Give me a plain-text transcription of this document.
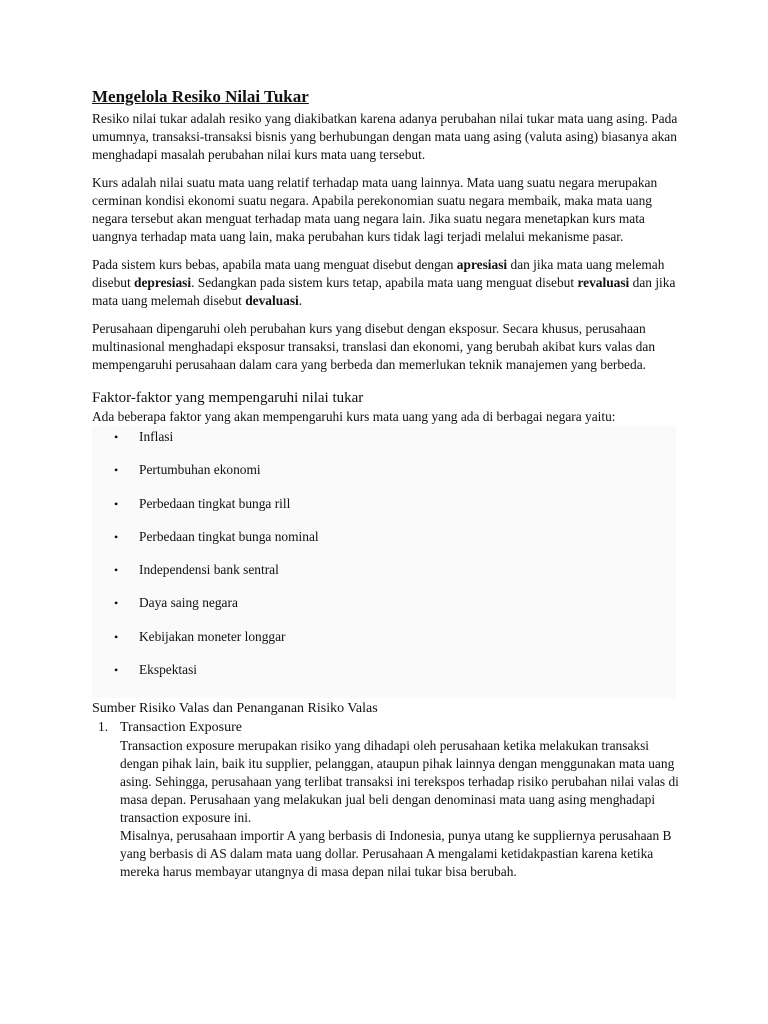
Mengelola Resiko Nilai Tukar

Resiko nilai tukar adalah resiko yang diakibatkan karena adanya perubahan nilai tukar mata uang asing. Pada umumnya, transaksi-transaksi bisnis yang berhubungan dengan mata uang asing (valuta asing) biasanya akan menghadapi masalah perubahan nilai kurs mata uang tersebut.

Kurs adalah nilai suatu mata uang relatif terhadap mata uang lainnya. Mata uang suatu negara merupakan cerminan kondisi ekonomi suatu negara. Apabila perekonomian suatu negara membaik, maka mata uang negara tersebut akan menguat terhadap mata uang negara lain. Jika suatu negara menetapkan kurs mata uangnya terhadap mata uang lain, maka perubahan kurs tidak lagi terjadi melalui mekanisme pasar.

Pada sistem kurs bebas, apabila mata uang menguat disebut dengan apresiasi dan jika mata uang melemah disebut depresiasi. Sedangkan pada sistem kurs tetap, apabila mata uang menguat disebut revaluasi dan jika mata uang melemah disebut devaluasi.

Perusahaan dipengaruhi oleh perubahan kurs yang disebut dengan eksposur. Secara khusus, perusahaan multinasional menghadapi eksposur transaksi, translasi dan ekonomi, yang berubah akibat kurs valas dan mempengaruhi perusahaan dalam cara yang berbeda dan memerlukan teknik manajemen yang berbeda.

Faktor-faktor yang mempengaruhi nilai tukar
Ada beberapa faktor yang akan mempengaruhi kurs mata uang yang ada di berbagai negara yaitu:
• Inflasi
• Pertumbuhan ekonomi
• Perbedaan tingkat bunga rill
• Perbedaan tingkat bunga nominal
• Independensi bank sentral
• Daya saing negara
• Kebijakan moneter longgar
• Ekspektasi
Sumber Risiko Valas dan Penanganan Risiko Valas
1. Transaction Exposure
Transaction exposure merupakan risiko yang dihadapi oleh perusahaan ketika melakukan transaksi dengan pihak lain, baik itu supplier, pelanggan, ataupun pihak lainnya dengan menggunakan mata uang asing. Sehingga, perusahaan yang terlibat transaksi ini terekspos terhadap risiko perubahan nilai valas di masa depan. Perusahaan yang melakukan jual beli dengan denominasi mata uang asing menghadapi transaction exposure ini.
Misalnya, perusahaan importir A yang berbasis di Indonesia, punya utang ke suppliernya perusahaan B yang berbasis di AS dalam mata uang dollar. Perusahaan A mengalami ketidakpastian karena ketika mereka harus membayar utangnya di masa depan nilai tukar bisa berubah.
